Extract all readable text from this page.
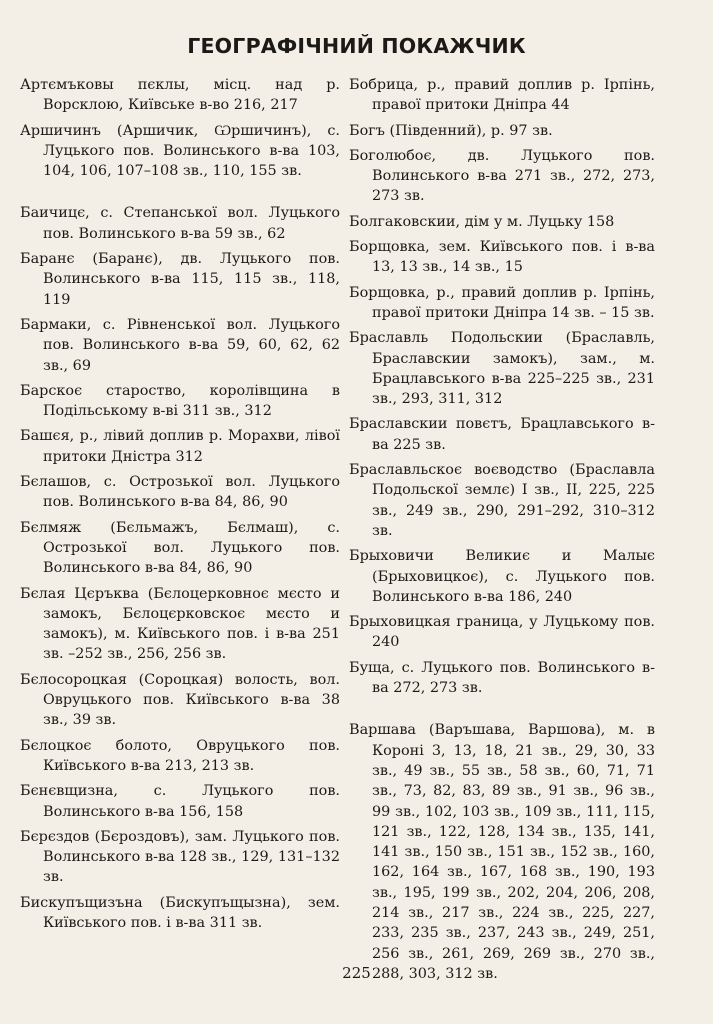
ГЕОГРАФІЧНИЙ ПОКАЖЧИК

Артємъковы пєклы, місц. над р. Ворсклою, Київське в-во 216, 217

Аршичинъ (Аршичик, Ѡршичинъ), с. Луцького пов. Волинського в-ва 103, 104, 106, 107–108 зв., 110, 155 зв.

Баичицє, с. Степанської вол. Луцького пов. Волинського в-ва 59 зв., 62

Баранє (Баранє), дв. Луцького пов. Волинського в-ва 115, 115 зв., 118, 119

Бармаки, с. Рівненської вол. Луцького пов. Волинського в-ва 59, 60, 62, 62 зв., 69

Барскоє староство, королівщина в Подільському в-ві 311 зв., 312

Башєя, р., лівий доплив р. Морахви, лівої притоки Дністра 312

Бєлашов, с. Острозької вол. Луцького пов. Волинського в-ва 84, 86, 90

Бєлмяж (Бєльмажъ, Бєлмаш), с. Острозької вол. Луцького пов. Волинського в-ва 84, 86, 90

Бєлая Цєръква (Бєлоцерковноє мєсто и замокъ, Бєлоцєрковскоє мєсто и замокъ), м. Київського пов. і в-ва 251 зв. –252 зв., 256, 256 зв.

Бєлосороцкая (Сороцкая) волость, вол. Овруцького пов. Київського в-ва 38 зв., 39 зв.

Бєлоцкоє болото, Овруцького пов. Київського в-ва 213, 213 зв.

Бєнєвщизна, с. Луцького пов. Волинського в-ва 156, 158

Бєрєздов (Бєроздовъ), зам. Луцького пов. Волинського в-ва 128 зв., 129, 131–132 зв.

Бискупъщизъна (Бискупъщызна), зем. Київського пов. і в-ва 311 зв.

Бобрица, р., правий доплив р. Ірпінь, правої притоки Дніпра 44

Богъ (Південний), р. 97 зв.

Боголюбоє, дв. Луцького пов. Волинського в-ва 271 зв., 272, 273, 273 зв.

Болгаковскии, дім у м. Луцьку 158

Борщовка, зем. Київського пов. і в-ва 13, 13 зв., 14 зв., 15

Борщовка, р., правий доплив р. Ірпінь, правої притоки Дніпра 14 зв. – 15 зв.

Браславль Подольскии (Браславль, Браславскии замокъ), зам., м. Брацлавського в-ва 225–225 зв., 231 зв., 293, 311, 312

Браславскии повєтъ, Брацлавського в-ва 225 зв.

Браславльскоє воєводство (Браславла Подольскої землє) І зв., ІІ, 225, 225 зв., 249 зв., 290, 291–292, 310–312 зв.

Брыховичи Великиє и Малыє (Брыховицкоє), с. Луцького пов. Волинського в-ва 186, 240

Брыховицкая граница, у Луцькому пов. 240

Буща, с. Луцького пов. Волинського в-ва 272, 273 зв.

Варшава (Варъшава, Варшова), м. в Короні 3, 13, 18, 21 зв., 29, 30, 33 зв., 49 зв., 55 зв., 58 зв., 60, 71, 71 зв., 73, 82, 83, 89 зв., 91 зв., 96 зв., 99 зв., 102, 103 зв., 109 зв., 111, 115, 121 зв., 122, 128, 134 зв., 135, 141, 141 зв., 150 зв., 151 зв., 152 зв., 160, 162, 164 зв., 167, 168 зв., 190, 193 зв., 195, 199 зв., 202, 204, 206, 208, 214 зв., 217 зв., 224 зв., 225, 227, 233, 235 зв., 237, 243 зв., 249, 251, 256 зв., 261, 269, 269 зв., 270 зв., 288, 303, 312 зв.

225
